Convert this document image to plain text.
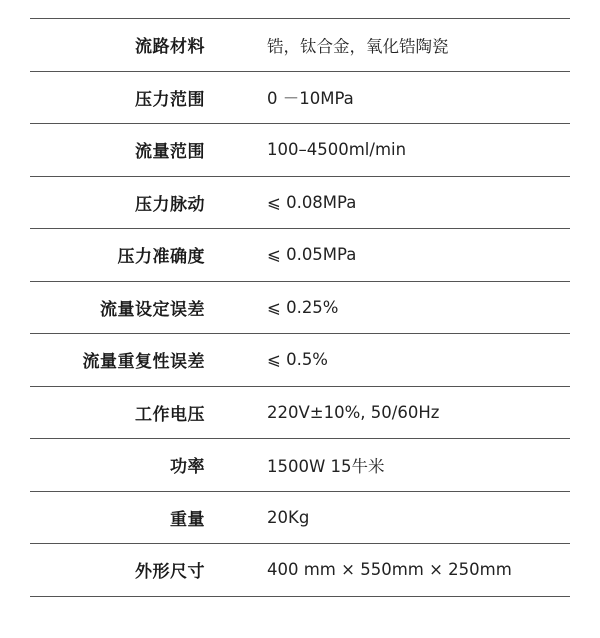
流路材料	锆，钛合金，氧化锆陶瓷
压力范围	0 －10MPa
流量范围	100–4500ml/min
压力脉动	⩽ 0.08MPa
压力准确度	⩽ 0.05MPa
流量设定误差	⩽ 0.25%
流量重复性误差	⩽ 0.5%
工作电压	220V±10%, 50/60Hz
功率	1500W 15牛米
重量	20Kg
外形尺寸	400 mm × 550mm × 250mm
